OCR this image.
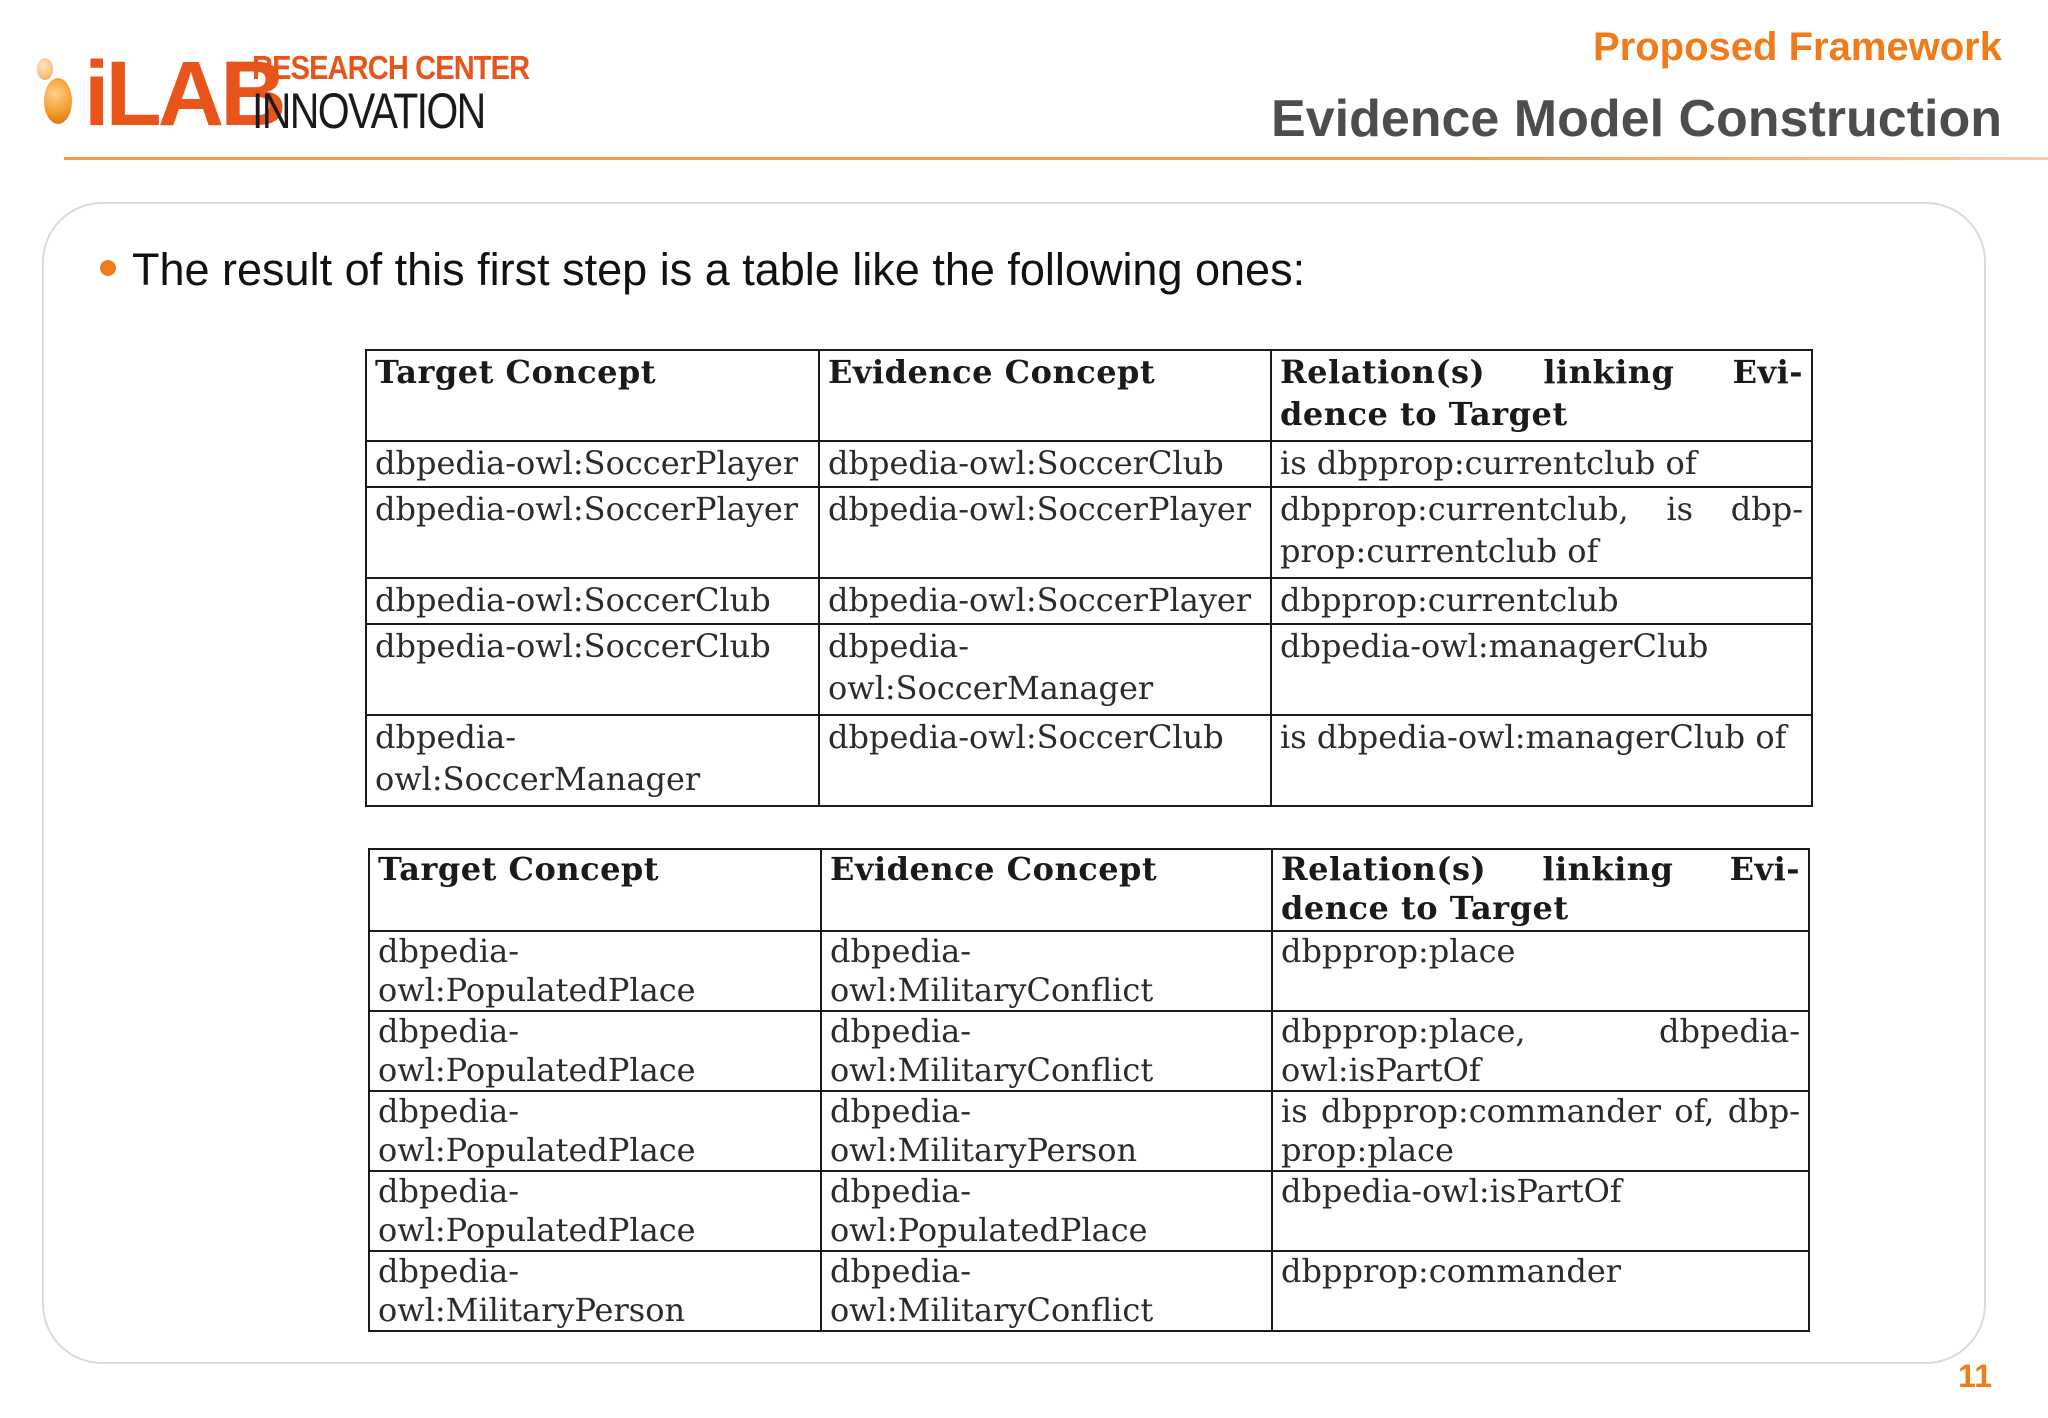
iLAB
RESEARCH CENTER
INNOVATION
Proposed Framework
Evidence Model Construction
The result of this first step is a table like the following ones:
Target Concept	Evidence Concept	Relation(s) linking Evi-dence to Target
dbpedia-owl:SoccerPlayer	dbpedia-owl:SoccerClub	is dbpprop:currentclub of
dbpedia-owl:SoccerPlayer	dbpedia-owl:SoccerPlayer	dbpprop:currentclub, is dbp-prop:currentclub of
dbpedia-owl:SoccerClub	dbpedia-owl:SoccerPlayer	dbpprop:currentclub
dbpedia-owl:SoccerClub	dbpedia-owl:SoccerManager	dbpedia-owl:managerClub
dbpedia-owl:SoccerManager	dbpedia-owl:SoccerClub	is dbpedia-owl:managerClub of
Target Concept	Evidence Concept	Relation(s) linking Evi-dence to Target
dbpedia-owl:PopulatedPlace	dbpedia-owl:MilitaryConflict	dbpprop:place
dbpedia-owl:PopulatedPlace	dbpedia-owl:MilitaryConflict	dbpprop:place, dbpedia-owl:isPartOf
dbpedia-owl:PopulatedPlace	dbpedia-owl:MilitaryPerson	is dbpprop:commander of, dbp-prop:place
dbpedia-owl:PopulatedPlace	dbpedia-owl:PopulatedPlace	dbpedia-owl:isPartOf
dbpedia-owl:MilitaryPerson	dbpedia-owl:MilitaryConflict	dbpprop:commander
11
